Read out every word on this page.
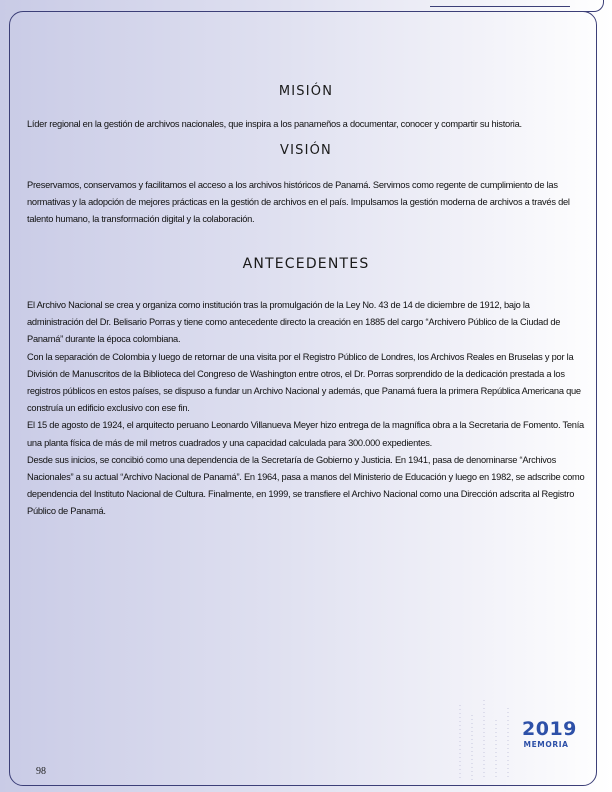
MISIÓN

Líder regional en la gestión de archivos nacionales, que inspira a los panameños a documentar, conocer y compartir su historia.

VISIÓN

Preservamos, conservamos y facilitamos el acceso a los archivos históricos de Panamá. Servimos como regente de cumplimiento de las normativas y la adopción de mejores prácticas en la gestión de archivos en el país. Impulsamos la gestión moderna de archivos a través del talento humano, la transformación digital y la colaboración.

ANTECEDENTES

El Archivo Nacional se crea y organiza como institución tras la promulgación de la Ley No. 43 de 14 de diciembre de 1912, bajo la administración del Dr. Belisario Porras y tiene como antecedente directo la creación en 1885 del cargo “Archivero Público de la Ciudad de Panamá” durante la época colombiana.

Con la separación de Colombia y luego de retornar de una visita por el Registro Público de Londres, los Archivos Reales en Bruselas y por la División de Manuscritos de la Biblioteca del Congreso de Washington entre otros, el Dr. Porras sorprendido de la dedicación prestada a los registros públicos en estos países, se dispuso a fundar un Archivo Nacional y además, que Panamá fuera la primera República Americana que construía un edificio exclusivo con ese fin.

El 15 de agosto de 1924, el arquitecto peruano Leonardo Villanueva Meyer hizo entrega de la magnífica obra a la Secretaria de Fomento. Tenía una planta física de más de mil metros cuadrados y una capacidad calculada para 300.000 expedientes.

Desde sus inicios, se concibió como una dependencia de la Secretaría de Gobierno y Justicia. En 1941, pasa de denominarse “Archivos Nacionales” a su actual “Archivo Nacional de Panamá”. En 1964, pasa a manos del Ministerio de Educación y luego en 1982, se adscribe como dependencia del Instituto Nacional de Cultura. Finalmente, en 1999, se transfiere el Archivo Nacional como una Dirección adscrita al Registro Público de Panamá.

2019
MEMORIA
98
